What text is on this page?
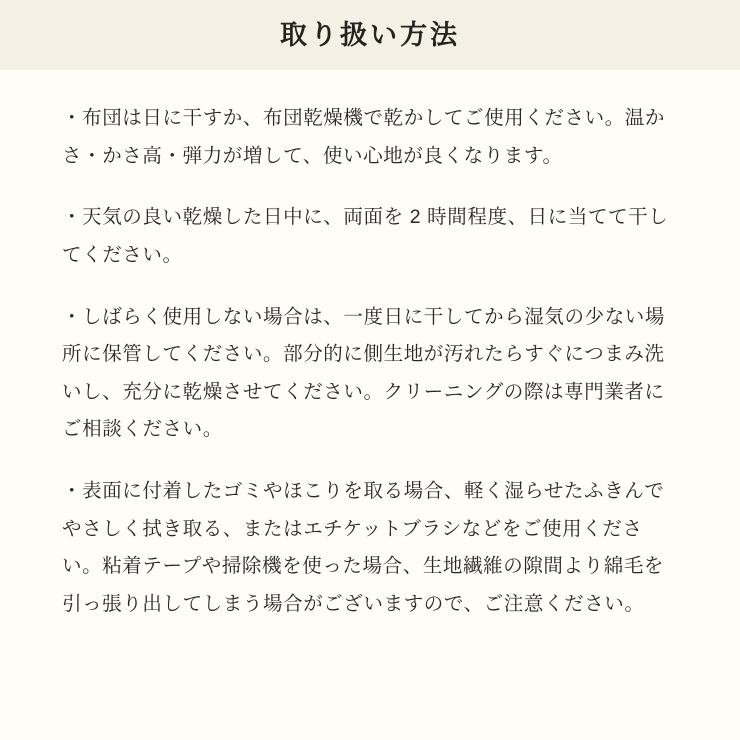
取り扱い方法

・布団は日に干すか、布団乾燥機で乾かしてご使用ください。温かさ・かさ高・弾力が増して、使い心地が良くなります。

・天気の良い乾燥した日中に、両面を 2 時間程度、日に当てて干してください。

・しばらく使用しない場合は、一度日に干してから湿気の少ない場所に保管してください。部分的に側生地が汚れたらすぐにつまみ洗いし、充分に乾燥させてください。クリーニングの際は専門業者にご相談ください。

・表面に付着したゴミやほこりを取る場合、軽く湿らせたふきんでやさしく拭き取る、またはエチケットブラシなどをご使用ください。粘着テープや掃除機を使った場合、生地繊維の隙間より綿毛を引っ張り出してしまう場合がございますので、ご注意ください。
